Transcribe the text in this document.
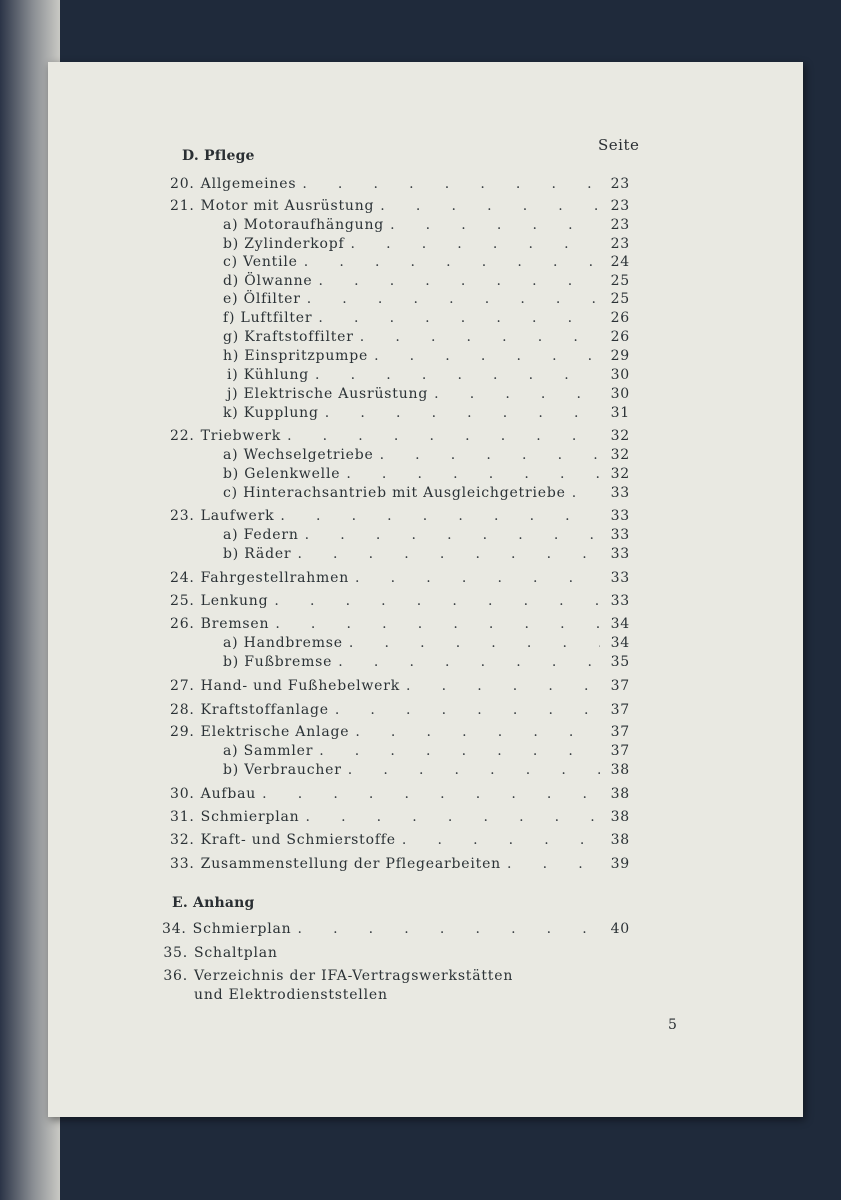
D. Pflege
Seite
20. Allgemeines .	23
21. Motor mit Ausrüstung .	23
a) Motoraufhängung .	23
b) Zylinderkopf .	23
c) Ventile .	24
d) Ölwanne .	25
e) Ölfilter .	25
f) Luftfilter .	26
g) Kraftstoffilter .	26
h) Einspritzpumpe .	29
i) Kühlung .	30
j) Elektrische Ausrüstung .	30
k) Kupplung .	31
22. Triebwerk .	32
a) Wechselgetriebe .	32
b) Gelenkwelle .	32
c) Hinterachsantrieb mit Ausgleichgetriebe .	33
23. Laufwerk .	33
a) Federn .	33
b) Räder .	33
24. Fahrgestellrahmen .	33
25. Lenkung .	33
26. Bremsen .	34
a) Handbremse .	34
b) Fußbremse .	35
27. Hand- und Fußhebelwerk .	37
28. Kraftstoffanlage .	37
29. Elektrische Anlage .	37
a) Sammler .	37
b) Verbraucher .	38
30. Aufbau .	38
31. Schmierplan .	38
32. Kraft- und Schmierstoffe .	38
33. Zusammenstellung der Pflegearbeiten .	39
E. Anhang
34. Schmierplan .	40
35. Schaltplan
36. Verzeichnis der IFA-Vertragswerkstätten
und Elektrodienststellen
5
